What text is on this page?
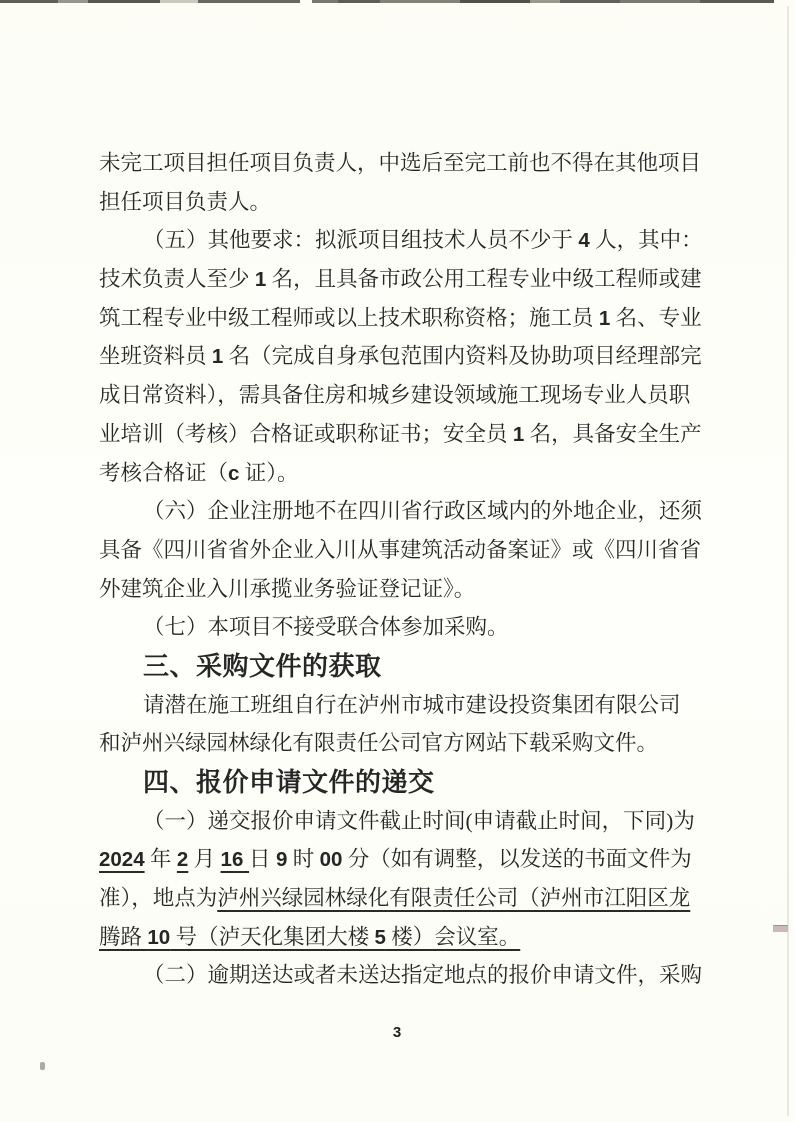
未完工项目担任项目负责人，中选后至完工前也不得在其他项目
担任项目负责人。
（五）其他要求：拟派项目组技术人员不少于 4 人，其中：
技术负责人至少 1 名，且具备市政公用工程专业中级工程师或建
筑工程专业中级工程师或以上技术职称资格；施工员 1 名、专业
坐班资料员 1 名（完成自身承包范围内资料及协助项目经理部完
成日常资料），需具备住房和城乡建设领域施工现场专业人员职
业培训（考核）合格证或职称证书；安全员 1 名，具备安全生产
考核合格证（c 证）。
（六）企业注册地不在四川省行政区域内的外地企业，还须
具备《四川省省外企业入川从事建筑活动备案证》或《四川省省
外建筑企业入川承揽业务验证登记证》。
（七）本项目不接受联合体参加采购。
三、采购文件的获取
请潜在施工班组自行在泸州市城市建设投资集团有限公司
和泸州兴绿园林绿化有限责任公司官方网站下载采购文件。
四、报价申请文件的递交
（一）递交报价申请文件截止时间(申请截止时间，下同)为
2024 年 2 月 16 日 9 时 00 分（如有调整，以发送的书面文件为
准），地点为泸州兴绿园林绿化有限责任公司（泸州市江阳区龙
腾路 10 号（泸天化集团大楼 5 楼）会议室。
（二）逾期送达或者未送达指定地点的报价申请文件，采购
3
